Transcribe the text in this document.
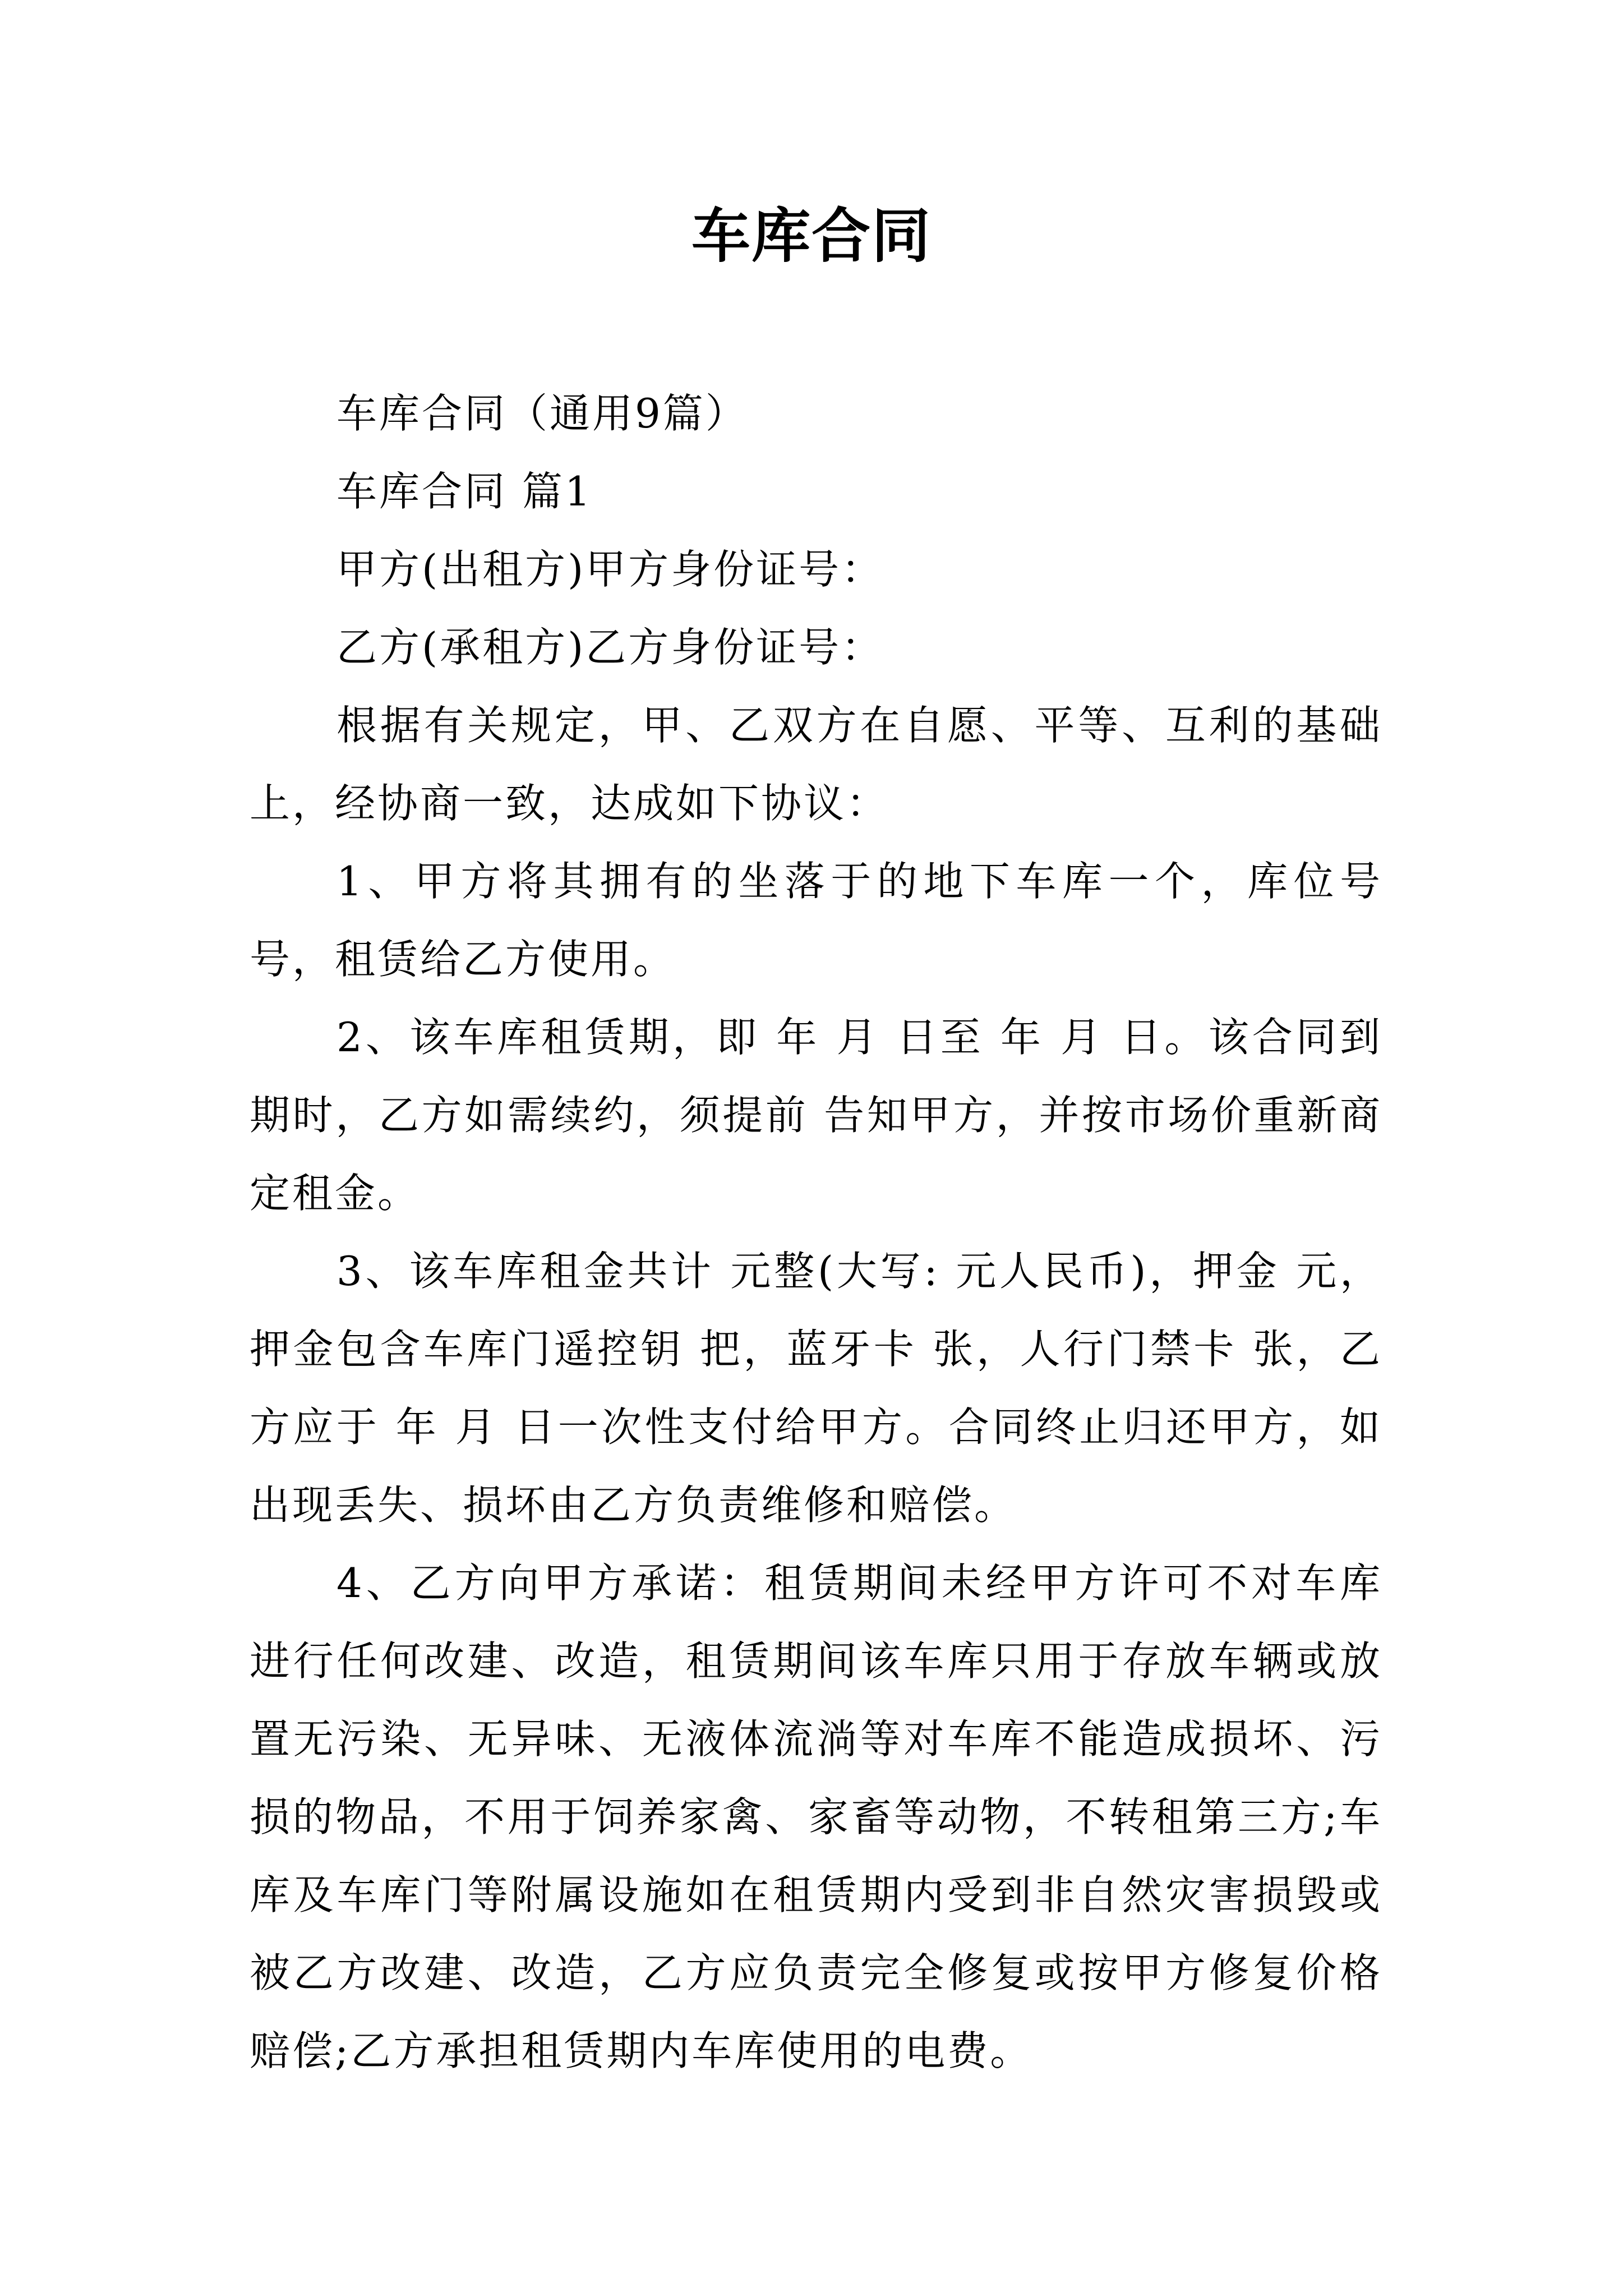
车库合同

车库合同（通用9篇）

车库合同 篇1

甲方(出租方)甲方身份证号：

乙方(承租方)乙方身份证号：

根据有关规定，甲、乙双方在自愿、平等、互利的基础上，经协商一致，达成如下协议：

1、甲方将其拥有的坐落于的地下车库一个，库位号号，租赁给乙方使用。

2、该车库租赁期，即 年 月 日至 年 月 日。该合同到期时，乙方如需续约，须提前 告知甲方，并按市场价重新商定租金。

3、该车库租金共计 元整(大写: 元人民币)，押金 元，押金包含车库门遥控钥 把，蓝牙卡 张，人行门禁卡 张，乙方应于 年 月 日一次性支付给甲方。合同终止归还甲方，如出现丢失、损坏由乙方负责维修和赔偿。

4、乙方向甲方承诺：租赁期间未经甲方许可不对车库进行任何改建、改造，租赁期间该车库只用于存放车辆或放置无污染、无异味、无液体流淌等对车库不能造成损坏、污损的物品，不用于饲养家禽、家畜等动物，不转租第三方;车库及车库门等附属设施如在租赁期内受到非自然灾害损毁或被乙方改建、改造，乙方应负责完全修复或按甲方修复价格赔偿;乙方承担租赁期内车库使用的电费。
